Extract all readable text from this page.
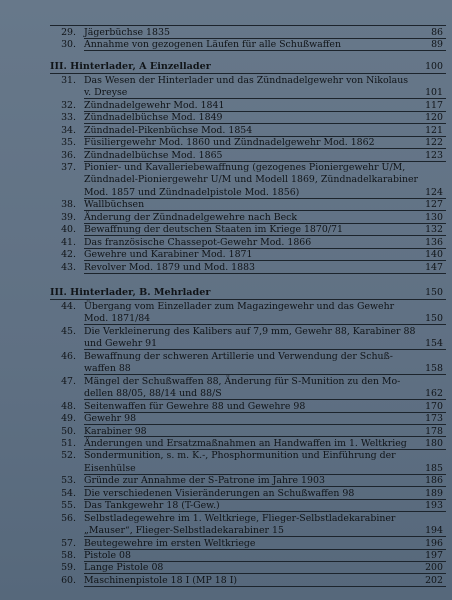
29 .	Jägerbüchse 1835	86
30 .	Annahme von gezogenen Läufen für alle Schußwaffen	89
III. Hinterlader, A Einzellader	100
31 .	Das Wesen der Hinterlader und das Zündnadelgewehr von Nikolaus
v. Dreyse	101
32 .	Zündnadelgewehr Mod. 1841	117
33 .	Zündnadelbüchse Mod. 1849	120
34 .	Zündnadel-Pikenbüchse Mod. 1854	121
35 .	Füsiliergewehr Mod. 1860 und Zündnadelgewehr Mod. 1862	122
36 .	Zündnadelbüchse Mod. 1865	123
37 .	Pionier- und Kavalleriebewaffnung (gezogenes Pioniergewehr U/M,
Zündnadel-Pioniergewehr U/M und Modell 1869, Zündnadelkarabiner
Mod. 1857 und Zündnadelpistole Mod. 1856)	124
38 .	Wallbüchsen	127
39 .	Änderung der Zündnadelgewehre nach Beck	130
40 .	Bewaffnung der deutschen Staaten im Kriege 1870/71	132
41 .	Das französische Chassepot-Gewehr Mod. 1866	136
42 .	Gewehre und Karabiner Mod. 1871	140
43 .	Revolver Mod. 1879 und Mod. 1883	147
III. Hinterlader, B. Mehrlader	150
44 .	Übergang vom Einzellader zum Magazingewehr und das Gewehr
Mod. 1871/84	150
45 .	Die Verkleinerung des Kalibers auf 7,9 mm, Gewehr 88, Karabiner 88
und Gewehr 91	154
46 .	Bewaffnung der schweren Artillerie und Verwendung der Schuß-
waffen 88	158
47 .	Mängel der Schußwaffen 88, Änderung für S-Munition zu den Mo-
dellen 88/05, 88/14 und 88/S	162
48 .	Seitenwaffen für Gewehre 88 und Gewehre 98	170
49 .	Gewehr 98	173
50 .	Karabiner 98	178
51 .	Änderungen und Ersatzmaßnahmen an Handwaffen im 1. Weltkrieg	180
52 .	Sondermunition, s. m. K.-, Phosphormunition und Einführung der
Eisenhülse	185
53 .	Gründe zur Annahme der S-Patrone im Jahre 1903	186
54 .	Die verschiedenen Visieränderungen an Schußwaffen 98	189
55 .	Das Tankgewehr 18 (T-Gew.)	193
56 .	Selbstladegewehre im 1. Weltkriege, Flieger-Selbstladekarabiner
„Mauser“, Flieger-Selbstladekarabiner 15	194
57 .	Beutegewehre im ersten Weltkriege	196
58 .	Pistole 08	197
59 .	Lange Pistole 08	200
60 .	Maschinenpistole 18 I (MP 18 I)	202
